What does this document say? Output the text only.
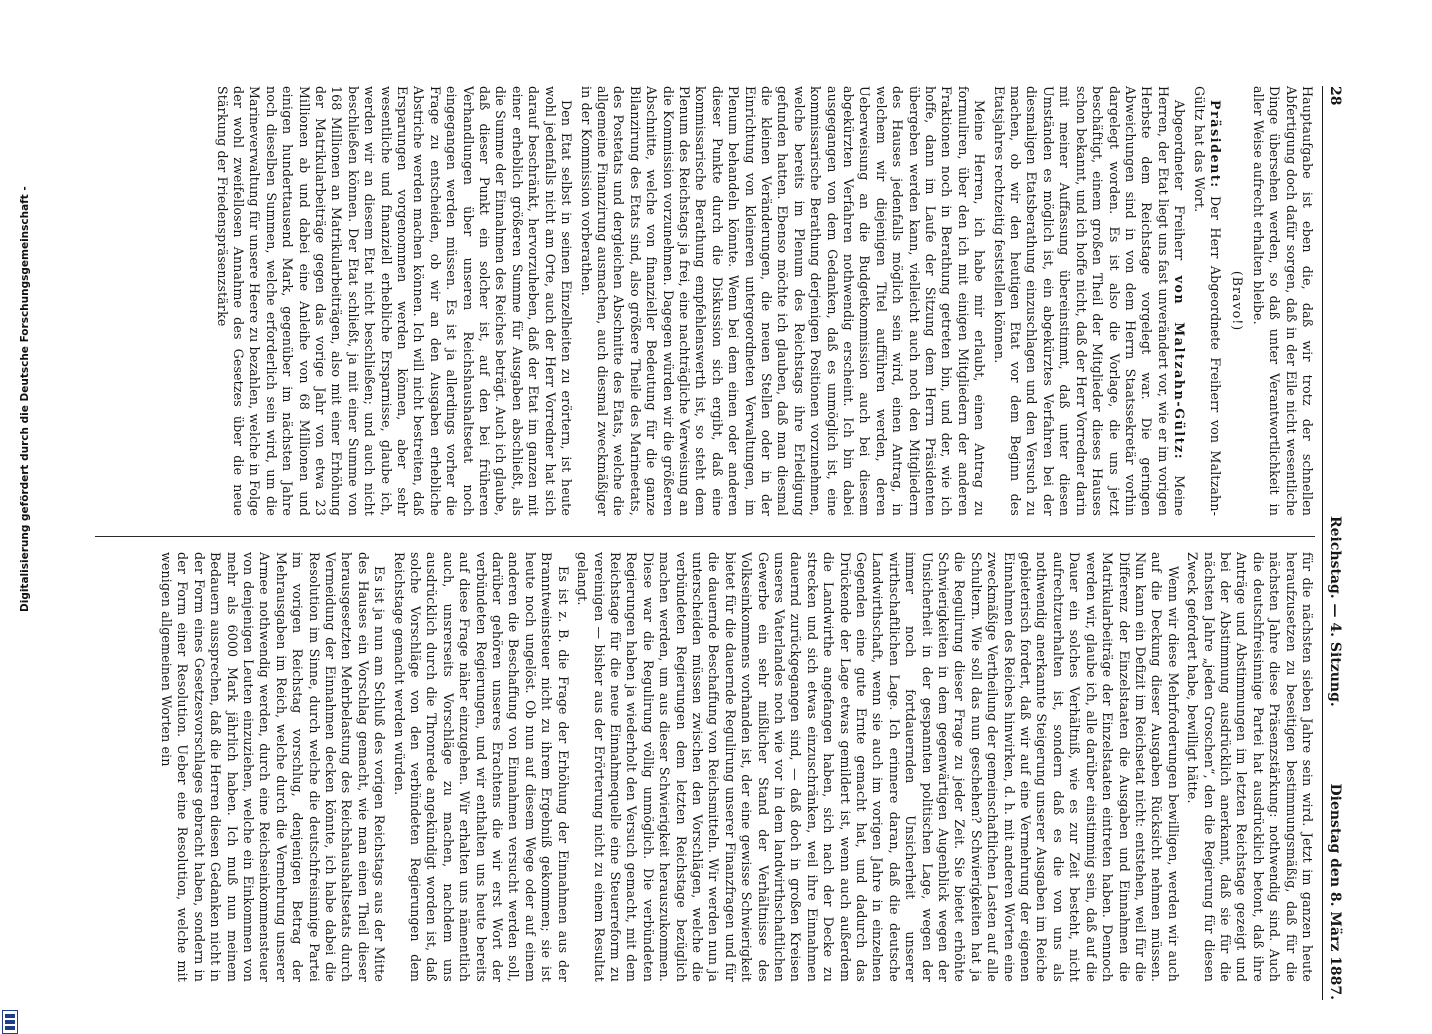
28
Reichstag. — 4. Sitzung.
Dienstag den 8. März 1887.

Hauptaufgabe ist eben die, daß wir trotz der schnellen Abfertigung doch dafür sorgen, daß in der Eile nicht wesentliche Dinge übersehen werden, so daß unter Verantwortlichkeit in aller Weise aufrecht erhalten bleibe.

(Bravo!)

Präsident: Der Herr Abgeordnete Freiherr von Maltzahn-Gültz hat das Wort.

Abgeordneter Freiherr von Maltzahn-Gültz: Meine Herren, der Etat liegt uns fast unverändert vor, wie er im vorigen Herbste dem Reichstage vorgelegt war. Die geringen Abweichungen sind in von dem Herrn Staatssekretär vorhin dargelegt worden. Es ist also die Vorlage, die uns jetzt beschäftigt, einem großen Theil der Mitglieder dieses Hauses schon bekannt, und ich hoffe nicht, daß der Herr Vorredner darin mit meiner Auffassung übereinstimmt, daß unter diesen Umständen es möglich ist, ein abgekürztes Verfahren bei der diesmaligen Etatsberathung einzuschlagen und den Versuch zu machen, ob wir den heutigen Etat vor dem Beginn des Etatsjahres rechtzeitig feststellen können.

Meine Herren, ich habe mir erlaubt, einen Antrag zu formuliren, über den ich mit einigen Mitgliedern der anderen Fraktionen noch in Berathung getreten bin, und der, wie ich hoffe, dann im Laufe der Sitzung dem Herrn Präsidenten übergeben werden kann, vielleicht auch noch den Mitgliedern des Hauses jedenfalls möglich sein wird, einen Antrag, in welchem wir diejenigen Titel aufführen werden, deren Ueberweisung an die Budgetkommission auch bei diesem abgekürzten Verfahren nothwendig erscheint. Ich bin dabei ausgegangen von dem Gedanken, daß es unmöglich ist, eine kommissarische Berathung derjenigen Positionen vorzunehmen, welche bereits im Plenum des Reichstags ihre Erledigung gefunden hatten. Ebenso möchte ich glauben, daß man diesmal die kleinen Veränderungen, die neuen Stellen oder in der Einrichtung von kleineren untergeordneten Verwaltungen, im Plenum behandeln könnte. Wenn bei dem einen oder anderen dieser Punkte durch die Diskussion sich ergibt, daß eine kommissarische Berathung empfehlenswerth ist, so steht dem Plenum des Reichstags ja frei, eine nachträgliche Verweisung an die Kommission vorzunehmen. Dagegen würden wir die größeren Abschnitte, welche von finanzieller Bedeutung für die ganze Bilanzirung des Etats sind, also größere Theile des Marineetats, des Postetats und dergleichen Abschnitte des Etats, welche die allgemeine Finanzirung ausmachen, auch diesmal zweckmäßiger in der Kommission vorberathen.

Den Etat selbst in seinen Einzelheiten zu erörtern, ist heute wohl jedenfalls nicht am Orte, auch der Herr Vorredner hat sich darauf beschränkt, hervorzuheben, daß der Etat im ganzen mit einer erheblich größeren Summe für Ausgaben abschließt, als die Summe der Einnahmen des Reiches beträgt. Auch ich glaube, daß dieser Punkt ein solcher ist, auf den bei früheren Verhandlungen über unseren Reichshaushaltsetat noch eingegangen werden müssen. Es ist ja allerdings vorher die Frage zu entscheiden, ob wir an den Ausgaben erhebliche Abstriche werden machen können. Ich will nicht bestreiten, daß Ersparungen vorgenommen werden können, aber sehr wesentliche und finanziell erhebliche Ersparnisse, glaube ich, werden wir an diesem Etat nicht beschließen; und auch nicht beschließen können. Der Etat schließt, ja mit einer Summe von 168 Millionen an Matrikularbeiträgen, also mit einer Erhöhung der Matrikularbeiträge gegen das vorige Jahr von etwa 23 Millionen ab und dabei eine Anleihe von 68 Millionen und einigen hunderttausend Mark, gegenüber im nächsten Jahre noch dieselben Summen, welche erforderlich sein wird, um die Marineverwaltung für unsere Heere zu bezahlen, welche in Folge der wohl zweifellosen Annahme des Gesetzes über die neue Stärkung der Friedenspräsenzstärke

für die nächsten sieben Jahre sein wird. Jetzt im ganzen heute heraufzusetzen zu beseitigen bestimmungsmäßig, daß für die nächsten Jahre diese Präsenzstärkung: nothwendig sind. Auch die deutschfreisinnige Partei hat ausdrücklich betont, daß ihre Anträge und Abstimmungen im letzten Reichstage gezeigt und bei der Abstimmung ausdrücklich anerkannt, daß sie für die nächsten Jahre „jeden Groschen“, den die Regierung für diesen Zweck gefordert habe, bewilligt hätte.

Wenn wir diese Mehrforderungen bewilligen, werden wir auch auf die Deckung dieser Ausgaben Rücksicht nehmen müssen. Nun kann ein Defizit im Reichsetat nicht: entstehen, weil für die Differenz der Einzelstaaten die Ausgaben und Einnahmen die Matrikularbeiträge der Einzelstaaten eintreten haben. Dennoch werden wir, glaube ich, alle darüber einstimmig sein, daß auf die Dauer ein solches Verhältniß, wie es zur Zeit besteht, nicht aufrechtzuerhalten ist, sondern daß es die von uns als nothwendig anerkannte Steigerung unserer Ausgaben im Reiche gebieterisch fordert, daß wir auf eine Vermehrung der eigenen Einnahmen des Reiches hinwirken, d. h. mit anderen Worten eine zweckmäßige Vertheilung der gemeinschaftlichen Lasten auf alle Schultern. Wie soll das nun geschehen? Schwierigkeiten hat ja die Regulirung dieser Frage zu jeder Zeit. Sie bietet erhöhte Schwierigkeiten in dem gegenwärtigen Augenblick wegen der Unsicherheit in der gespannten politischen Lage, wegen der immer noch fortdauernden Unsicherheit unserer wirthschaftlichen Lage. Ich erinnere daran, daß die deutsche Landwirthschaft, wenn sie auch im vorigen Jahre in einzelnen Gegenden eine gute Ernte gemacht hat, und dadurch das Drückende der Lage etwas gemildert ist, wenn auch außerdem die Landwirthe angefangen haben, sich nach der Decke zu strecken und sich etwas einzuschränken, weil ihre Einnahmen dauernd zurückgegangen sind, — daß doch in großen Kreisen unseres Vaterlandes noch wie vor in dem landwirthschaftlichen Gewerbe ein sehr mißlicher Stand der Verhältnisse des Volkseinkommens vorhanden ist, der eine gewisse Schwierigkeit bietet für die dauernde Regulirung unserer Finanzfragen und für die dauernde Beschaffung von Reichsmitteln. Wir werden nun ja unterscheiden müssen zwischen den Vorschlägen, welche die verbündeten Regierungen dem letzten Reichstage bezüglich machen werden, um aus dieser Schwierigkeit herauszukommen. Diese war die Regulirung völlig unmöglich. Die verbündeten Regierungen haben ja wiederholt den Versuch gemacht, mit dem Reichstage für die neue Einnahmequelle eine Steuerreform zu vereinigen — bisher aus der Erörterung nicht zu einem Resultat gelangt.

Es ist z. B. die Frage der Erhöhung der Einnahmen aus der Branntweinsteuer nicht zu ihrem Ergebniß gekommen; sie ist heute noch ungelöst. Ob nun auf diesem Wege oder auf einem anderen die Beschaffung von Einnahmen versucht werden soll, darüber gehören unseres Erachtens die wir erst Wort der verbündeten Regierungen, und wir enthalten uns heute bereits auf diese Frage näher einzugehen. Wir erhalten uns nämentlich auch, unsrerseits Vorschläge zu machen, nachdem uns ausdrücklich durch die Thronrede angekündigt worden ist, daß solche Vorschläge von den verbündeten Regierungen dem Reichstage gemacht werden würden.

Es ist ja nun am Schluß des vorigen Reichstags aus der Mitte des Hauses ein Vorschlag gemacht, wie man einen Theil dieser herausgesetzten Mehrbelastung des Reichshaushaltsetats durch Vermeidung der Einnahmen decken könnte, ich habe dabei die Resolution im Sinne, durch welche die deutschfreisinnige Partei im vorigen Reichstag vorschlug, denjenigen Betrag der Mehrausgaben im Reich, welche durch die Vermehrung unserer Armee nothwendig werden, durch eine Reichseinkommensteuer von denjenigen Leuten einzuziehen, welche ein Einkommen von mehr als 6000 Mark jährlich haben. Ich muß nun meinem Bedauern aussprechen, daß die Herren diesen Gedanken nicht in der Form eines Gesetzesvorschlages gebracht haben, sondern in der Form einer Resolution. Ueber eine Resolution, welche mit wenigen allgemeinen Worten ein

Digitalisierung gefördert durch die Deutsche Forschungsgemeinschaft -
